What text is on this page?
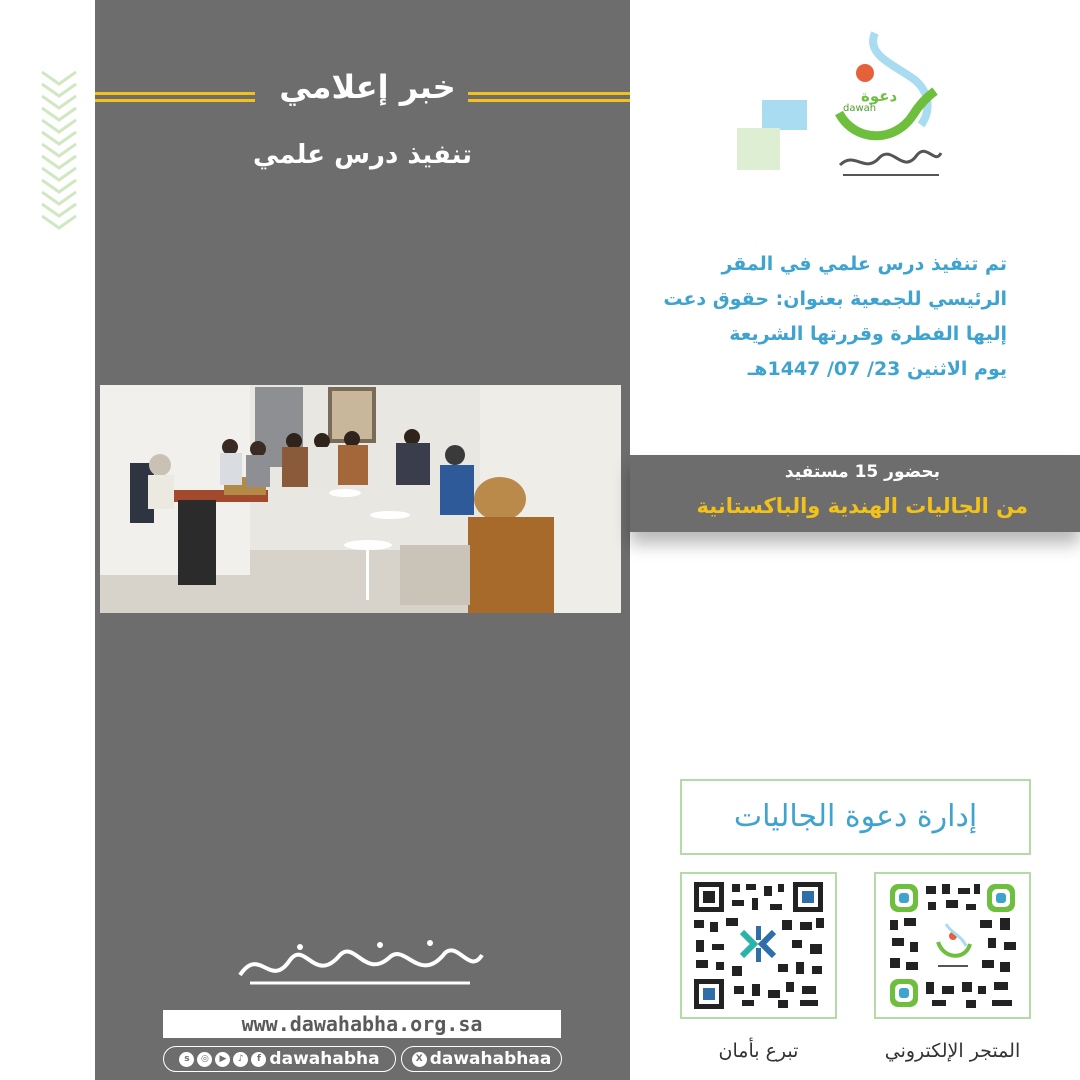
خبر إعلامي
تنفيذ درس علمي
www.dawahabha.org.sa
s	◎	▶	♪	f dawahabha	X dawahabhaa
دعوة
dawah
تم تنفيذ درس علمي في المقر
الرئيسي للجمعية بعنوان: حقوق دعت
إليها الفطرة وقررتها الشريعة
يوم الاثنين 23/ 07/ 1447هـ
بحضور 15 مستفيد
من الجاليات الهندية والباكستانية
إدارة دعوة الجاليات
تبرع بأمان	المتجر الإلكتروني
